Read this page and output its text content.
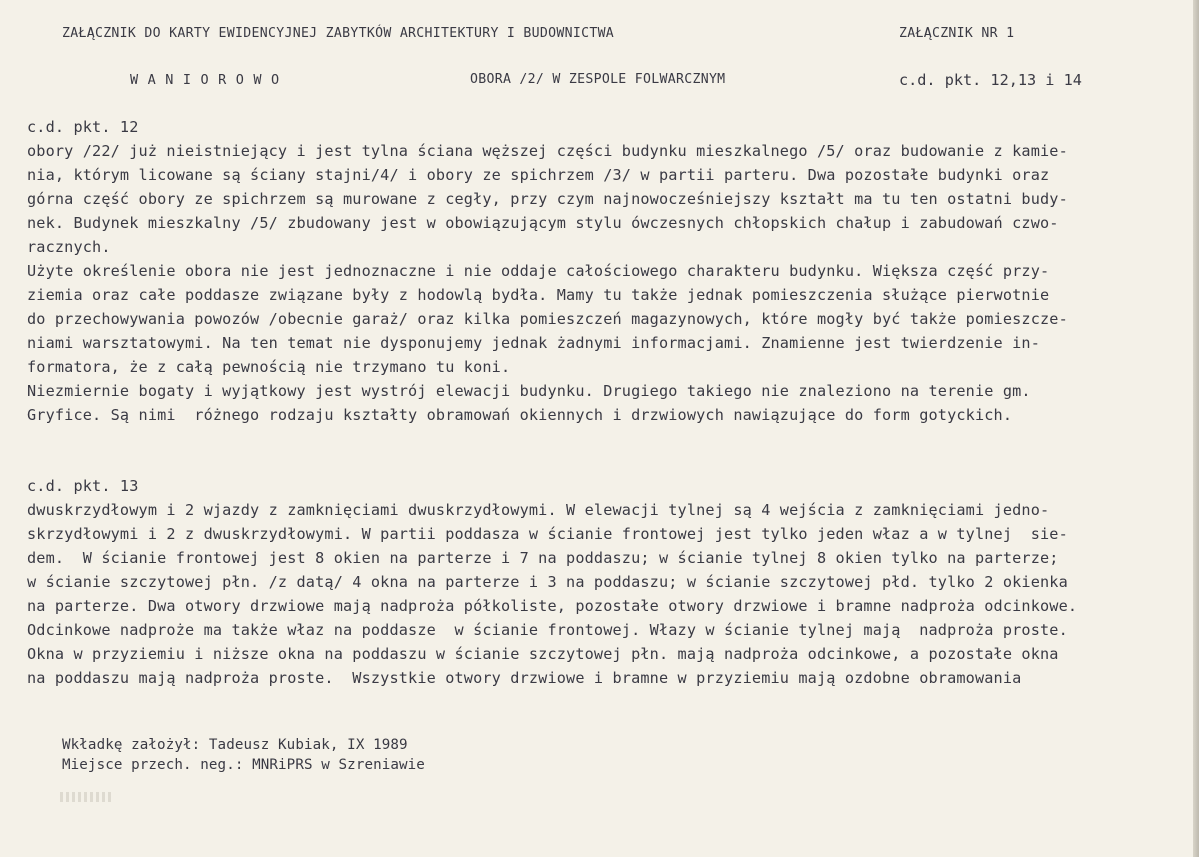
ZAŁĄCZNIK DO KARTY EWIDENCYJNEJ ZABYTKÓW ARCHITEKTURY I BUDOWNICTWA	ZAŁĄCZNIK NR 1
WANIOROWO	OBORA /2/ W ZESPOLE FOLWARCZNYM	c.d. pkt. 12,13 i 14
c.d. pkt. 12
obory /22/ już nieistniejący i jest tylna ściana węższej części budynku mieszkalnego /5/ oraz budowanie z kamie-
nia, którym licowane są ściany stajni/4/ i obory ze spichrzem /3/ w partii parteru. Dwa pozostałe budynki oraz
górna część obory ze spichrzem są murowane z cegły, przy czym najnowocześniejszy kształt ma tu ten ostatni budy-
nek. Budynek mieszkalny /5/ zbudowany jest w obowiązującym stylu ówczesnych chłopskich chałup i zabudowań czwo-
racznych.
Użyte określenie obora nie jest jednoznaczne i nie oddaje całościowego charakteru budynku. Większa część przy-
ziemia oraz całe poddasze związane były z hodowlą bydła. Mamy tu także jednak pomieszczenia służące pierwotnie
do przechowywania powozów /obecnie garaż/ oraz kilka pomieszczeń magazynowych, które mogły być także pomieszcze-
niami warsztatowymi. Na ten temat nie dysponujemy jednak żadnymi informacjami. Znamienne jest twierdzenie in-
formatora, że z całą pewnością nie trzymano tu koni.
Niezmiernie bogaty i wyjątkowy jest wystrój elewacji budynku. Drugiego takiego nie znaleziono na terenie gm.
Gryfice. Są nimi  różnego rodzaju kształty obramowań okiennych i drzwiowych nawiązujące do form gotyckich.
c.d. pkt. 13
dwuskrzydłowym i 2 wjazdy z zamknięciami dwuskrzydłowymi. W elewacji tylnej są 4 wejścia z zamknięciami jedno-
skrzydłowymi i 2 z dwuskrzydłowymi. W partii poddasza w ścianie frontowej jest tylko jeden właz a w tylnej  sie-
dem.  W ścianie frontowej jest 8 okien na parterze i 7 na poddaszu; w ścianie tylnej 8 okien tylko na parterze;
w ścianie szczytowej płn. /z datą/ 4 okna na parterze i 3 na poddaszu; w ścianie szczytowej płd. tylko 2 okienka
na parterze. Dwa otwory drzwiowe mają nadproża półkoliste, pozostałe otwory drzwiowe i bramne nadproża odcinkowe.
Odcinkowe nadproże ma także właz na poddasze  w ścianie frontowej. Włazy w ścianie tylnej mają  nadproża proste.
Okna w przyziemiu i niższe okna na poddaszu w ścianie szczytowej płn. mają nadproża odcinkowe, a pozostałe okna
na poddaszu mają nadproża proste.  Wszystkie otwory drzwiowe i bramne w przyziemiu mają ozdobne obramowania
Wkładkę założył: Tadeusz Kubiak, IX 1989
Miejsce przech. neg.: MNRiPRS w Szreniawie
